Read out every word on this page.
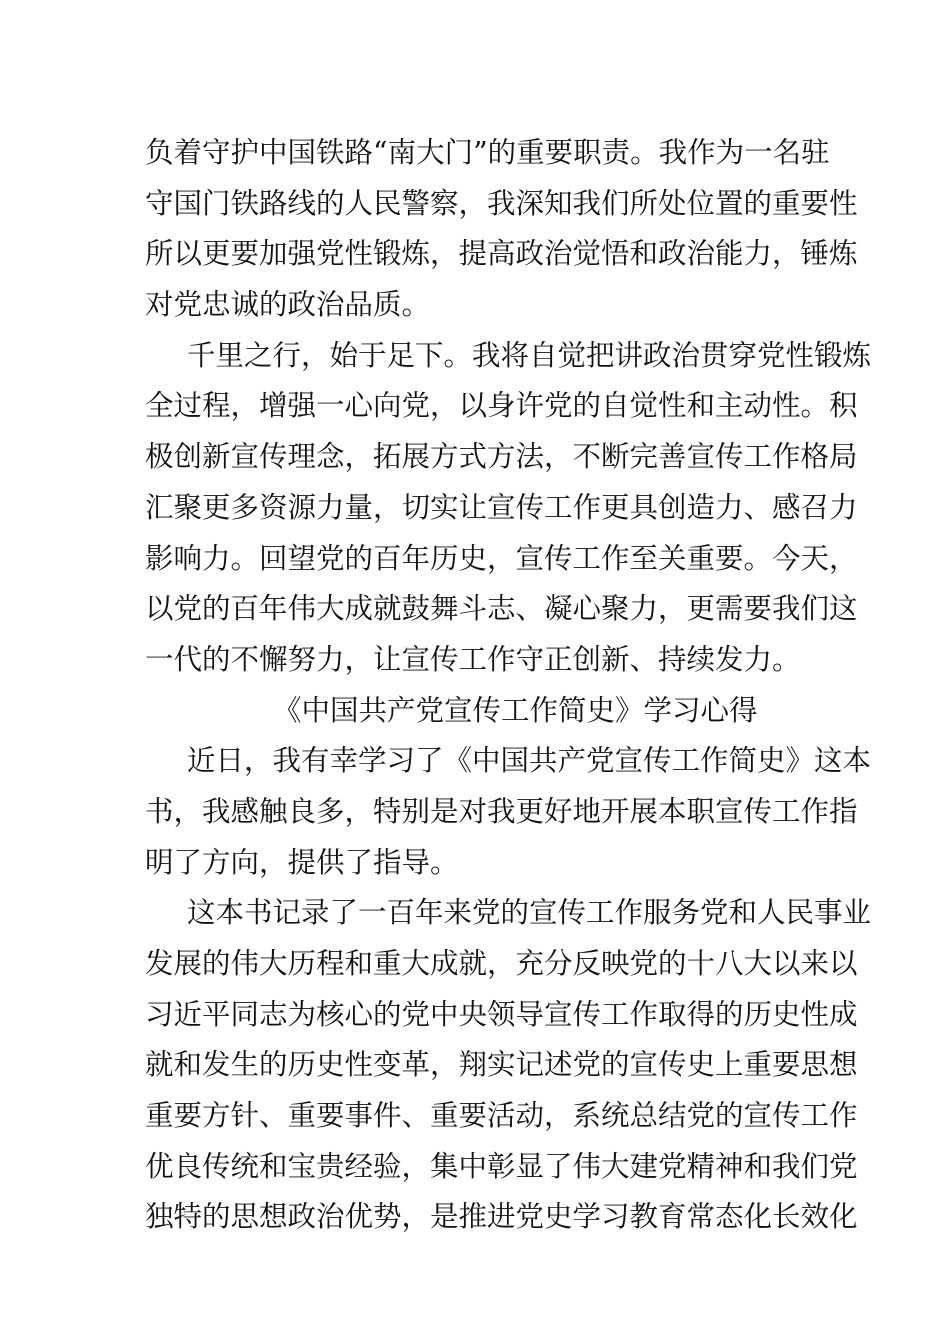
负着守护中国铁路“南大门”的重要职责。我作为一名驻
守国门铁路线的人民警察，我深知我们所处位置的重要性
所以更要加强党性锻炼，提高政治觉悟和政治能力，锤炼
对党忠诚的政治品质。
千里之行，始于足下。我将自觉把讲政治贯穿党性锻炼
全过程，增强一心向党，以身许党的自觉性和主动性。积
极创新宣传理念，拓展方式方法，不断完善宣传工作格局
汇聚更多资源力量，切实让宣传工作更具创造力、感召力
影响力。回望党的百年历史，宣传工作至关重要。今天，
以党的百年伟大成就鼓舞斗志、凝心聚力，更需要我们这
一代的不懈努力，让宣传工作守正创新、持续发力。
《中国共产党宣传工作简史》学习心得
近日，我有幸学习了《中国共产党宣传工作简史》这本
书，我感触良多，特别是对我更好地开展本职宣传工作指
明了方向，提供了指导。
这本书记录了一百年来党的宣传工作服务党和人民事业
发展的伟大历程和重大成就，充分反映党的十八大以来以
习近平同志为核心的党中央领导宣传工作取得的历史性成
就和发生的历史性变革，翔实记述党的宣传史上重要思想
重要方针、重要事件、重要活动，系统总结党的宣传工作
优良传统和宝贵经验，集中彰显了伟大建党精神和我们党
独特的思想政治优势，是推进党史学习教育常态化长效化
